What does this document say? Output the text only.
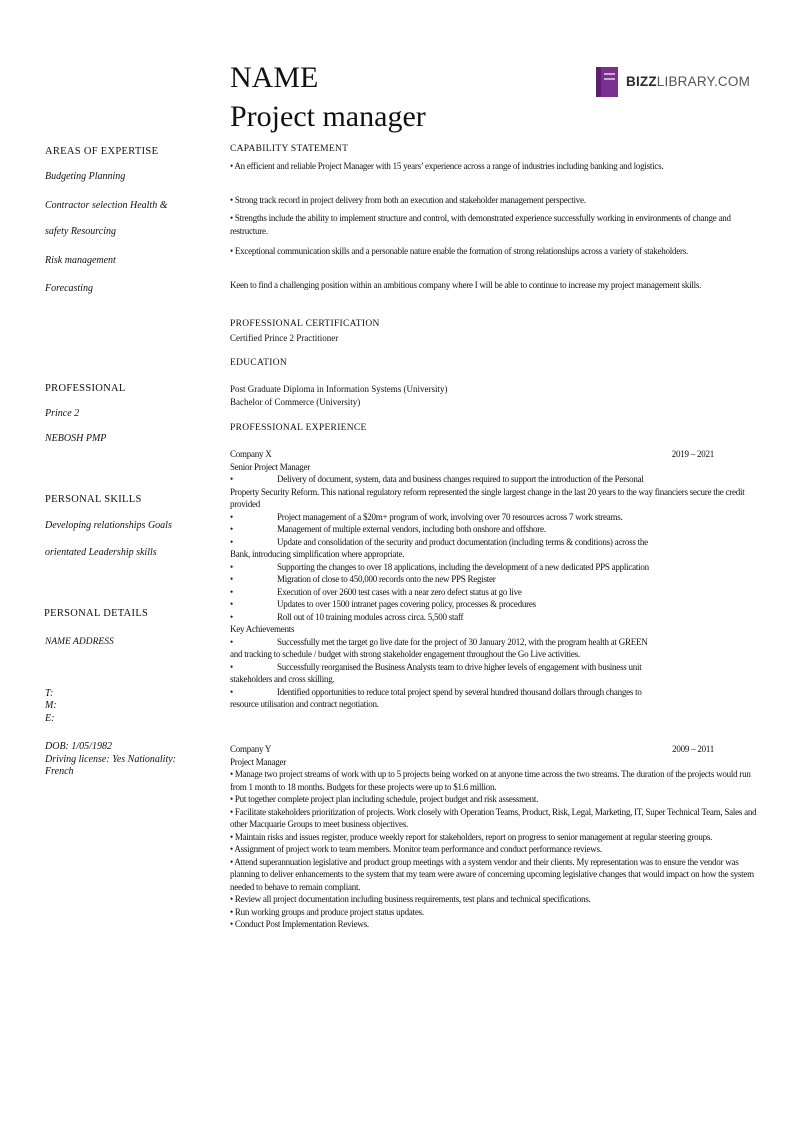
NAME
Project manager
BIZZLIBRARY.COM
AREAS OF EXPERTISE
Budgeting Planning
Contractor selection Health &
safety Resourcing
Risk management
Forecasting
PROFESSIONAL
Prince 2
NEBOSH PMP
PERSONAL SKILLS
Developing relationships Goals
orientated Leadership skills
PERSONAL DETAILS
NAME ADDRESS
T:
M:
E:
DOB: 1/05/1982
Driving license: Yes Nationality:
French
CAPABILITY STATEMENT
• An efficient and reliable Project Manager with 15 years’ experience across a range of industries including banking and logistics.
• Strong track record in project delivery from both an execution and stakeholder management perspective.
• Strengths include the ability to implement structure and control, with demonstrated experience successfully working in environments of change and restructure.
• Exceptional communication skills and a personable nature enable the formation of strong relationships across a variety of stakeholders.
Keen to find a challenging position within an ambitious company where I will be able to continue to increase my project management skills.
PROFESSIONAL CERTIFICATION
Certified Prince 2 Practitioner
EDUCATION
Post Graduate Diploma in Information Systems (University)
Bachelor of Commerce (University)
PROFESSIONAL EXPERIENCE
Company X	2019 – 2021

Senior Project Manager

•	Delivery of document, system, data and business changes required to support the introduction of the Personal

Property Security Reform. This national regulatory reform represented the single largest change in the last 20 years to the way financiers secure the credit provided

•	Project management of a $20m+ program of work, involving over 70 resources across 7 work streams.
•	Management of multiple external vendors, including both onshore and offshore.
•	Update and consolidation of the security and product documentation (including terms & conditions) across the

Bank, introducing simplification where appropriate.

•	Supporting the changes to over 18 applications, including the development of a new dedicated PPS application
•	Migration of close to 450,000 records onto the new PPS Register
•	Execution of over 2600 test cases with a near zero defect status at go live
•	Updates to over 1500 intranet pages covering policy, processes & procedures
•	Roll out of 10 training modules across circa. 5,500 staff

Key Achievements

•	Successfully met the target go live date for the project of 30 January 2012, with the program health at GREEN

and tracking to schedule / budget with strong stakeholder engagement throughout the Go Live activities.

•	Successfully reorganised the Business Analysts team to drive higher levels of engagement with business unit

stakeholders and cross skilling.

•	Identified opportunities to reduce total project spend by several hundred thousand dollars through changes to

resource utilisation and contract negotiation.

Company Y	2009 – 2011

Project Manager

• Manage two project streams of work with up to 5 projects being worked on at anyone time across the two streams. The duration of the projects would run from 1 month to 18 months. Budgets for these projects were up to $1.6 million.

• Put together complete project plan including schedule, project budget and risk assessment.

• Facilitate stakeholders prioritization of projects. Work closely with Operation Teams, Product, Risk, Legal, Marketing, IT, Super Technical Team, Sales and other Macquarie Groups to meet business objectives.

• Maintain risks and issues register, produce weekly report for stakeholders, report on progress to senior management at regular steering groups.

• Assignment of project work to team members. Monitor team performance and conduct performance reviews.

• Attend superannuation legislative and product group meetings with a system vendor and their clients. My representation was to ensure the vendor was planning to deliver enhancements to the system that my team were aware of concerning upcoming legislative changes that would impact on how the system needed to behave to remain compliant.

• Review all project documentation including business requirements, test plans and technical specifications.

• Run working groups and produce project status updates.

• Conduct Post Implementation Reviews.
